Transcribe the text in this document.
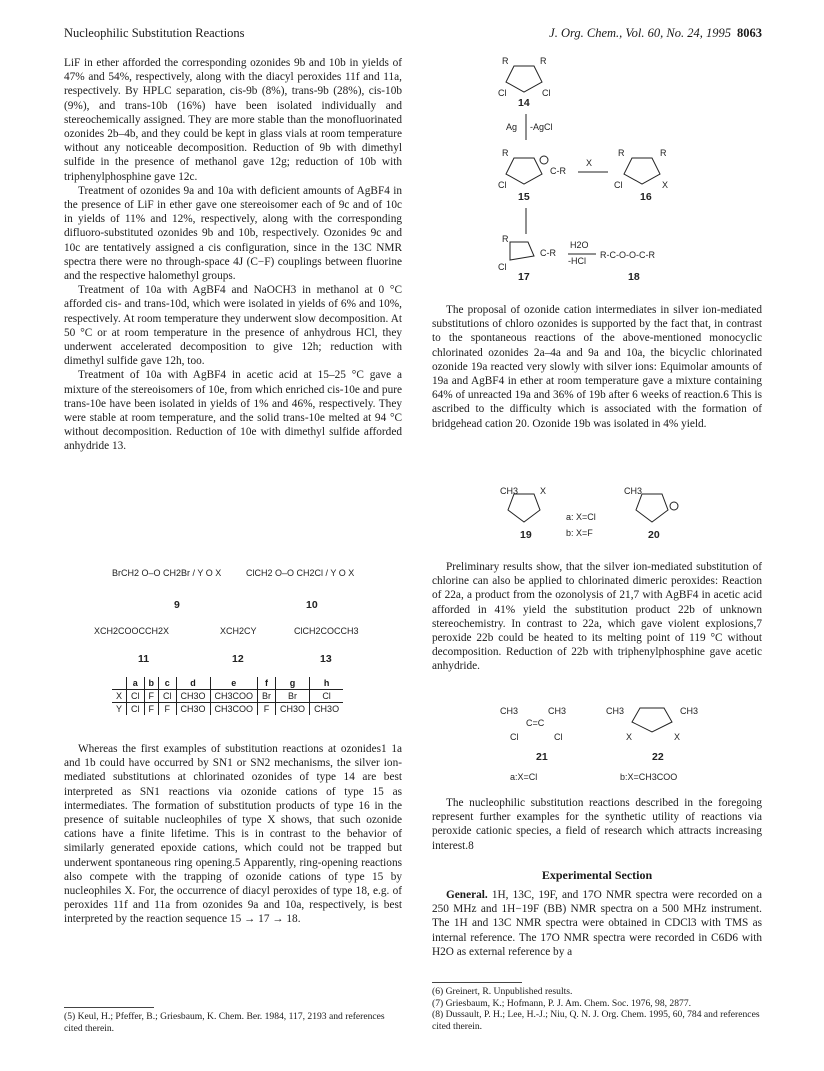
Nucleophilic Substitution Reactions	J. Org. Chem., Vol. 60, No. 24, 1995 8063

LiF in ether afforded the corresponding ozonides 9b and 10b in yields of 47% and 54%, respectively, along with the diacyl peroxides 11f and 11a, respectively. By HPLC separation, cis-9b (8%), trans-9b (28%), cis-10b (9%), and trans-10b (16%) have been isolated individually and stereochemically assigned. They are more stable than the monofluorinated ozonides 2b–4b, and they could be kept in glass vials at room temperature without any noticeable decomposition. Reduction of 9b with dimethyl sulfide in the presence of methanol gave 12g; reduction of 10b with triphenylphosphine gave 12c.

Treatment of ozonides 9a and 10a with deficient amounts of AgBF4 in the presence of LiF in ether gave one stereoisomer each of 9c and of 10c in yields of 11% and 12%, respectively, along with the corresponding difluoro-substituted ozonides 9b and 10b, respectively. Ozonides 9c and 10c are tentatively assigned a cis configuration, since in the 13C NMR spectra there were no through-space 4J (C−F) couplings between fluorine and the respective halomethyl groups.

Treatment of 10a with AgBF4 and NaOCH3 in methanol at 0 °C afforded cis- and trans-10d, which were isolated in yields of 6% and 10%, respectively. At room temperature they underwent slow decomposition. At 50 °C or at room temperature in the presence of anhydrous HCl, they underwent accelerated decomposition to give 12h; reduction with dimethyl sulfide gave 12h, too.

Treatment of 10a with AgBF4 in acetic acid at 15–25 °C gave a mixture of the stereoisomers of 10e, from which enriched cis-10e and pure trans-10e have been isolated in yields of 1% and 46%, respectively. They were stable at room temperature, and the solid trans-10e melted at 94 °C without decomposition. Reduction of 10e with dimethyl sulfide afforded anhydride 13.

BrCH2 O–O CH2Br / Y O X	ClCH2 O–O CH2Cl / Y O X
9	10
XCH2COOCCH2X	XCH2CY	ClCH2COCCH3
11	12	13
	a	b	c	d	e	f	g	h
X	Cl	F	Cl	CH3O	CH3COO	Br	Br	Cl
Y	Cl	F	F	CH3O	CH3COO	F	CH3O	CH3O

Whereas the first examples of substitution reactions at ozonides1 1a and 1b could have occurred by SN1 or SN2 mechanisms, the silver ion-mediated substitutions at chlorinated ozonides of type 14 are best interpreted as SN1 reactions via ozonide cations of type 15 as intermediates. The formation of substitution products of type 16 in the presence of suitable nucleophiles of type X shows, that such ozonide cations have a finite lifetime. This is in contrast to the behavior of similarly generated epoxide cations, which could not be trapped but underwent spontaneous ring opening.5 Apparently, ring-opening reactions also compete with the trapping of ozonide cations of type 15 by nucleophiles X. For, the occurrence of diacyl peroxides of type 18, e.g. of peroxides 11f and 11a from ozonides 9a and 10a, respectively, is best interpreted by the reaction sequence 15 → 17 → 18.

(5) Keul, H.; Pfeffer, B.; Griesbaum, K. Chem. Ber. 1984, 117, 2193 and references cited therein.
R	R
Cl	Cl
14
Ag -AgCl
R
C-R
Cl
15
X
R	R
Cl	X
16
R
C-R
Cl
17
H2O
-HCl
R-C-O-O-C-R
18

The proposal of ozonide cation intermediates in silver ion-mediated substitutions of chloro ozonides is supported by the fact that, in contrast to the spontaneous reactions of the above-mentioned monocyclic chlorinated ozonides 2a–4a and 9a and 10a, the bicyclic chlorinated ozonide 19a reacted very slowly with silver ions: Equimolar amounts of 19a and AgBF4 in ether at room temperature gave a mixture containing 64% of unreacted 19a and 36% of 19b after 6 weeks of reaction.6 This is ascribed to the difficulty which is associated with the formation of bridgehead cation 20. Ozonide 19b was isolated in 4% yield.

CH3 X	CH3
a: X=Cl
b: X=F
19	20

Preliminary results show, that the silver ion-mediated substitution of chlorine can also be applied to chlorinated dimeric peroxides: Reaction of 22a, a product from the ozonolysis of 21,7 with AgBF4 in acetic acid afforded in 41% yield the substitution product 22b of unknown stereochemistry. In contrast to 22a, which gave violent explosions,7 peroxide 22b could be heated to its melting point of 119 °C without decomposition. Reduction of 22b with triphenylphosphine gave acetic anhydride.

CH3	CH3
C=C
Cl	Cl
CH3	CH3
X	X
21	22
a:X=Cl	b:X=CH3COO

The nucleophilic substitution reactions described in the foregoing represent further examples for the synthetic utility of reactions via peroxide cationic species, a field of research which attracts increasing interest.8

Experimental Section

General. 1H, 13C, 19F, and 17O NMR spectra were recorded on a 250 MHz and 1H−19F (BB) NMR spectra on a 500 MHz instrument. The 1H and 13C NMR spectra were obtained in CDCl3 with TMS as internal reference. The 17O NMR spectra were recorded in C6D6 with H2O as external reference by a

(6) Greinert, R. Unpublished results.
(7) Griesbaum, K.; Hofmann, P. J. Am. Chem. Soc. 1976, 98, 2877.
(8) Dussault, P. H.; Lee, H.-J.; Niu, Q. N. J. Org. Chem. 1995, 60, 784 and references cited therein.
